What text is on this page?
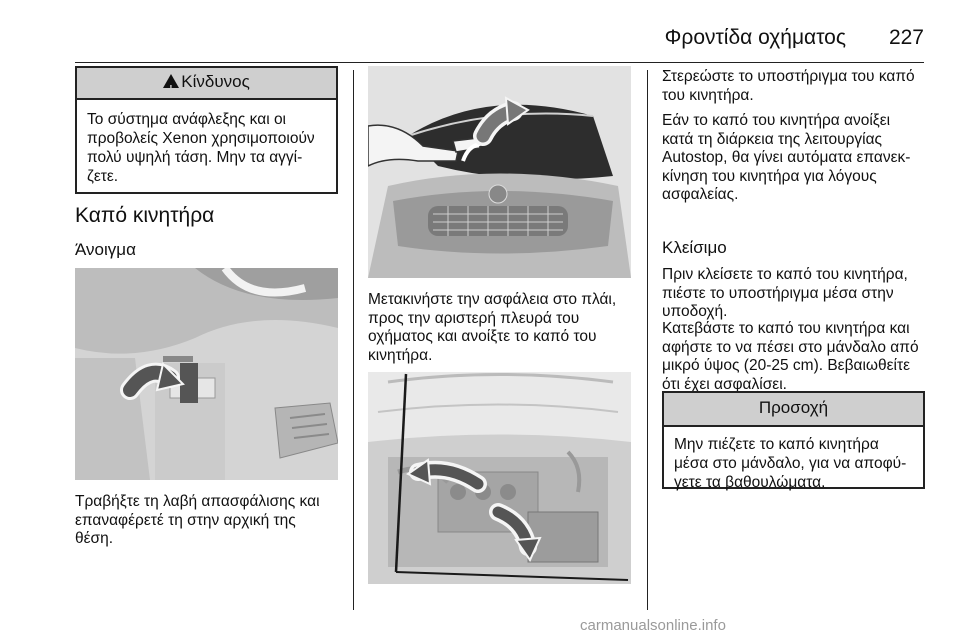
Φροντίδα οχήματος 227
!Κίνδυνος
Το σύστημα ανάφλεξης και οι
προβολείς Xenon χρησιμοποιούν
πολύ υψηλή τάση. Μην τα αγγί-
ζετε.
Καπό κινητήρα
Άνοιγμα
Τραβήξτε τη λαβή απασφάλισης και
επαναφέρετέ τη στην αρχική της
θέση.
Μετακινήστε την ασφάλεια στο πλάι,
προς την αριστερή πλευρά του
οχήματος και ανοίξτε το καπό του
κινητήρα.
Στερεώστε το υποστήριγμα του καπό
του κινητήρα.
Εάν το καπό του κινητήρα ανοίξει
κατά τη διάρκεια της λειτουργίας
Autostop, θα γίνει αυτόματα επανεκ-
κίνηση του κινητήρα για λόγους
ασφαλείας.
Κλείσιμο
Πριν κλείσετε το καπό του κινητήρα,
πιέστε το υποστήριγμα μέσα στην
υποδοχή.
Κατεβάστε το καπό του κινητήρα και
αφήστε το να πέσει στο μάνδαλο από
μικρό ύψος (20-25 cm). Βεβαιωθείτε
ότι έχει ασφαλίσει.
Προσοχή
Μην πιέζετε το καπό κινητήρα
μέσα στο μάνδαλο, για να αποφύ-
γετε τα βαθουλώματα.
carmanualsonline.info
